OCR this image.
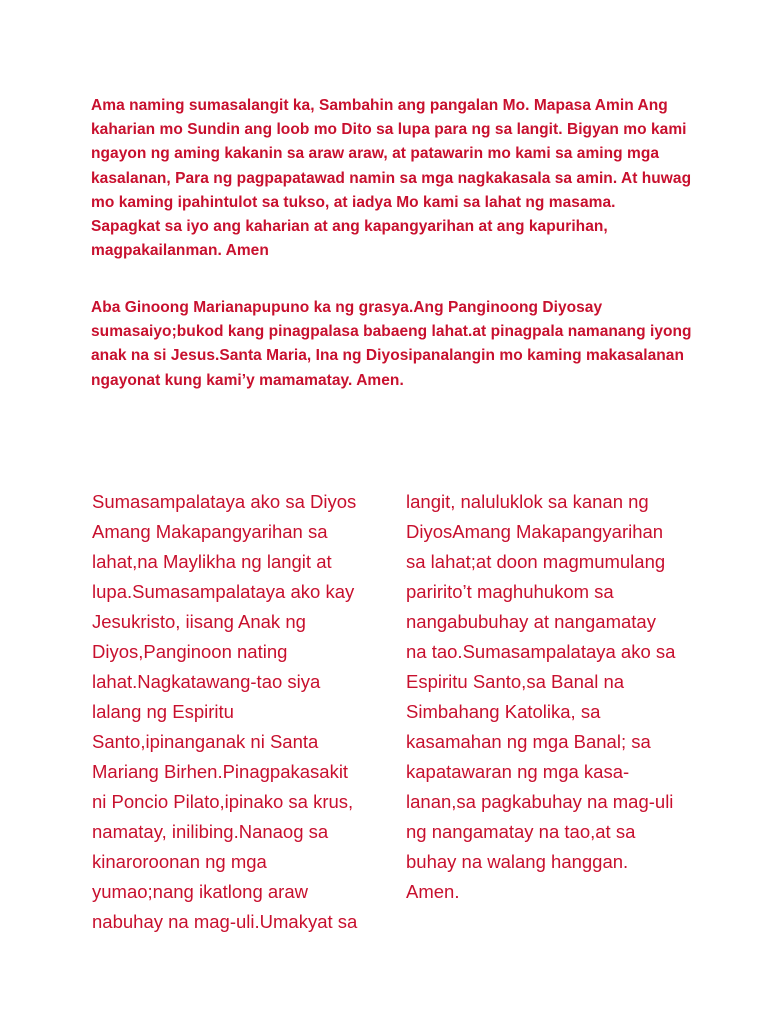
Ama naming sumasalangit ka, Sambahin ang pangalan Mo. Mapasa Amin Ang
kaharian mo Sundin ang loob mo Dito sa lupa para ng sa langit. Bigyan mo kami
ngayon ng aming kakanin sa araw araw, at patawarin mo kami sa aming mga
kasalanan, Para ng pagpapatawad namin sa mga nagkakasala sa amin. At huwag
mo kaming ipahintulot sa tukso, at iadya Mo kami sa lahat ng masama.
Sapagkat sa iyo ang kaharian at ang kapangyarihan at ang kapurihan,
magpakailanman. Amen

Aba Ginoong Marianapupuno ka ng grasya.Ang Panginoong Diyosay
sumasaiyo;bukod kang pinagpalasa babaeng lahat.at pinagpala namanang iyong
anak na si Jesus.Santa Maria, Ina ng Diyosipanalangin mo kaming makasalanan
ngayonat kung kami’y mamamatay. Amen.

Sumasampalataya ako sa Diyos
Amang Makapangyarihan sa
lahat,na Maylikha ng langit at
lupa.Sumasampalataya ako kay
Jesukristo, iisang Anak ng
Diyos,Panginoon nating
lahat.Nagkatawang-tao siya
lalang ng Espiritu
Santo,ipinanganak ni Santa
Mariang Birhen.Pinagpakasakit
ni Poncio Pilato,ipinako sa krus,
namatay, inilibing.Nanaog sa
kinaroroonan ng mga
yumao;nang ikatlong araw
nabuhay na mag-uli.Umakyat sa

langit, naluluklok sa kanan ng
DiyosAmang Makapangyarihan
sa lahat;at doon magmumulang
paririto’t maghuhukom sa
nangabubuhay at nangamatay
na tao.Sumasampalataya ako sa
Espiritu Santo,sa Banal na
Simbahang Katolika, sa
kasamahan ng mga Banal; sa
kapatawaran ng mga kasa-
lanan,sa pagkabuhay na mag-uli
ng nangamatay na tao,at sa
buhay na walang hanggan.
Amen.
